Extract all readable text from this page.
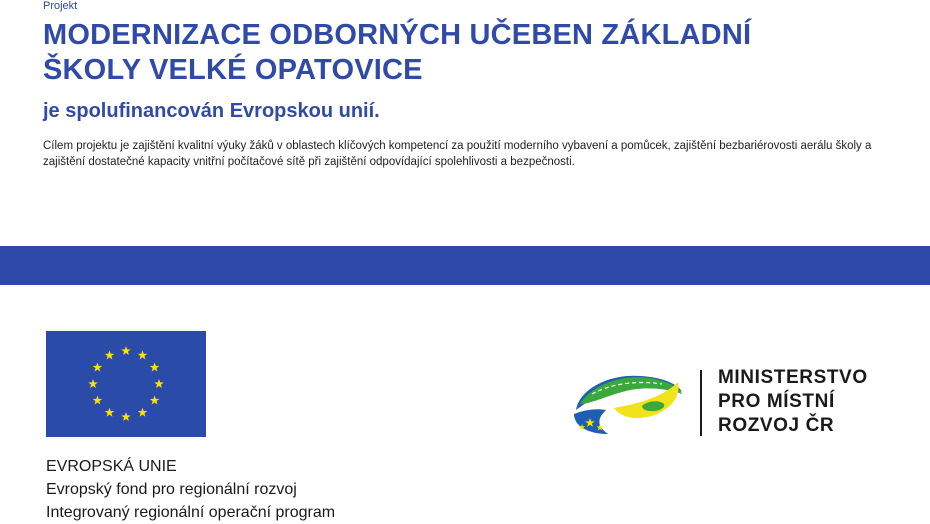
Projekt
MODERNIZACE ODBORNÝCH UČEBEN ZÁKLADNÍ
ŠKOLY VELKÉ OPATOVICE
je spolufinancován Evropskou unií.
Cílem projektu je zajištění kvalitní výuky žáků v oblastech klíčových kompetencí za použití moderního vybavení a pomůcek, zajištění bezbariérovosti aerálu školy a zajištění dostatečné kapacity vnitřní počítačové sítě při zajištění odpovídající spolehlivosti a bezpečnosti.
EVROPSKÁ UNIE
Evropský fond pro regionální rozvoj
Integrovaný regionální operační program
MINISTERSTVO
PRO MÍSTNÍ
ROZVOJ ČR
